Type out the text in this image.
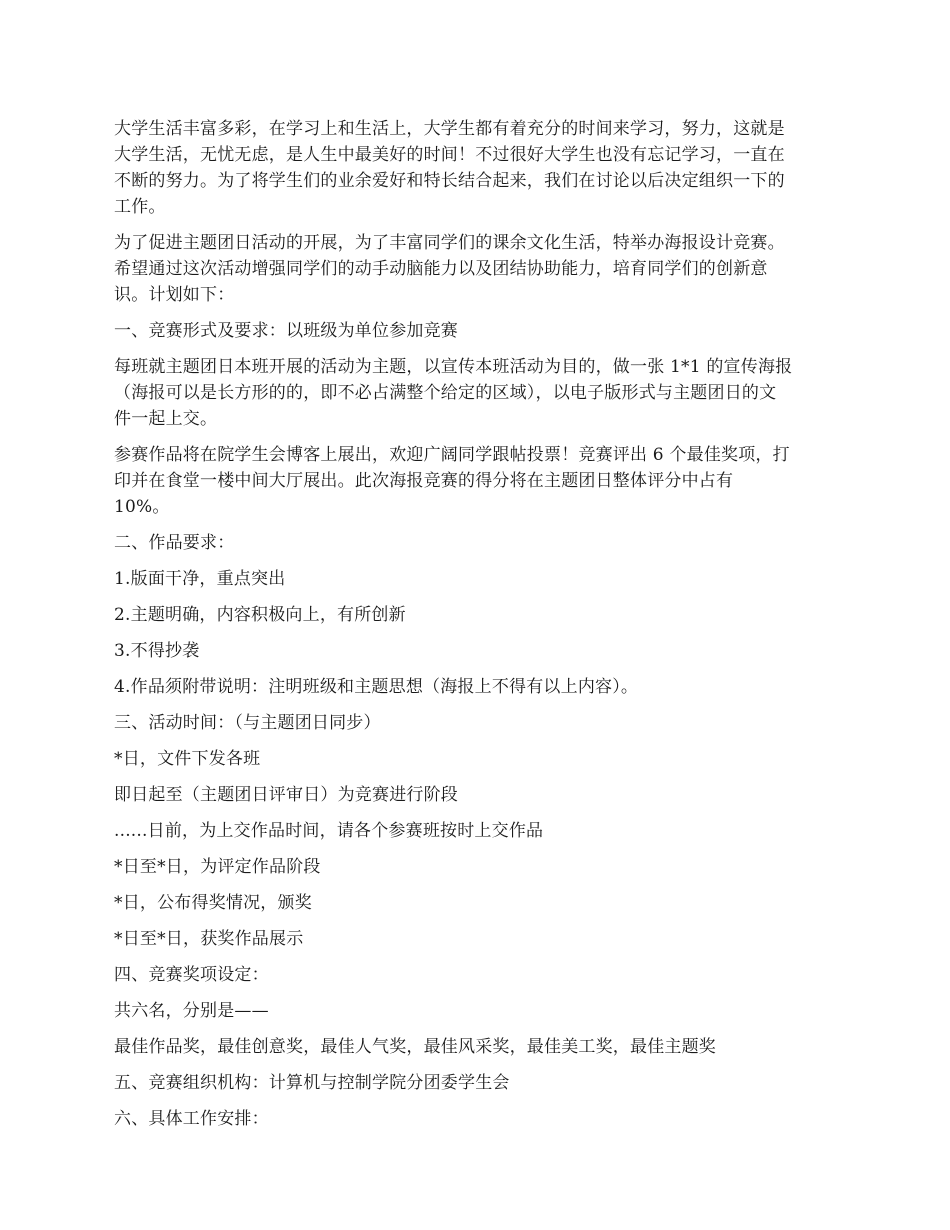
大学生活丰富多彩，在学习上和生活上，大学生都有着充分的时间来学习，努力，这就是
大学生活，无忧无虑，是人生中最美好的时间！不过很好大学生也没有忘记学习，一直在
不断的努力。为了将学生们的业余爱好和特长结合起来，我们在讨论以后决定组织一下的
工作。
为了促进主题团日活动的开展，为了丰富同学们的课余文化生活，特举办海报设计竞赛。
希望通过这次活动增强同学们的动手动脑能力以及团结协助能力，培育同学们的创新意
识。计划如下：
一、竞赛形式及要求：以班级为单位参加竞赛
每班就主题团日本班开展的活动为主题，以宣传本班活动为目的，做一张 1*1 的宣传海报
（海报可以是长方形的的，即不必占满整个给定的区域），以电子版形式与主题团日的文
件一起上交。
参赛作品将在院学生会博客上展出，欢迎广阔同学跟帖投票！竞赛评出 6 个最佳奖项，打
印并在食堂一楼中间大厅展出。此次海报竞赛的得分将在主题团日整体评分中占有
10%。
二、作品要求：
1.版面干净，重点突出
2.主题明确，内容积极向上，有所创新
3.不得抄袭
4.作品须附带说明：注明班级和主题思想（海报上不得有以上内容）。
三、活动时间：（与主题团日同步）
*日，文件下发各班
即日起至（主题团日评审日）为竞赛进行阶段
......日前，为上交作品时间，请各个参赛班按时上交作品
*日至*日，为评定作品阶段
*日，公布得奖情况，颁奖
*日至*日，获奖作品展示
四、竞赛奖项设定：
共六名，分别是——
最佳作品奖，最佳创意奖，最佳人气奖，最佳风采奖，最佳美工奖，最佳主题奖
五、竞赛组织机构：计算机与控制学院分团委学生会
六、具体工作安排：
